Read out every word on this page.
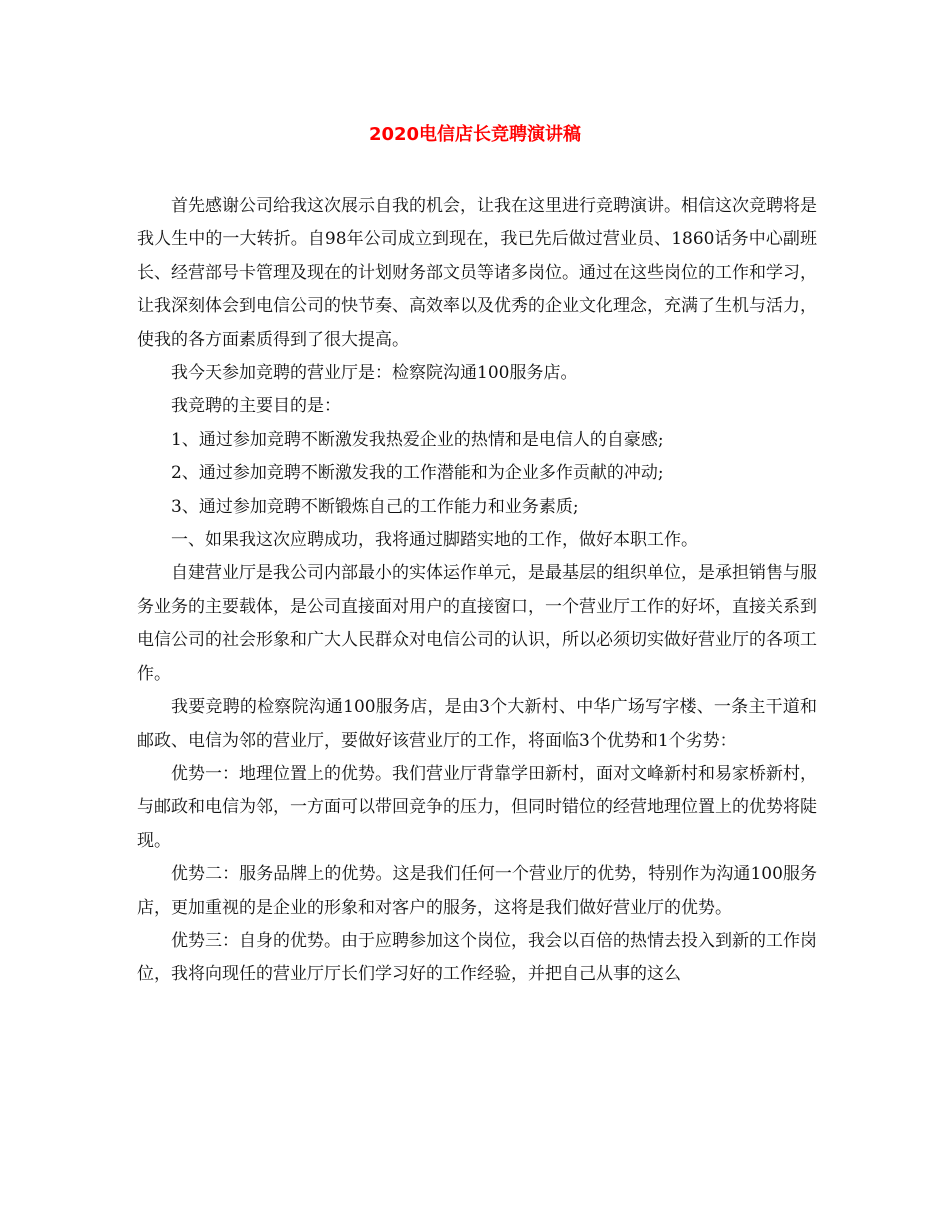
2020电信店长竞聘演讲稿

首先感谢公司给我这次展示自我的机会，让我在这里进行竞聘演讲。相信这次竞聘将是我人生中的一大转折。自98年公司成立到现在，我已先后做过营业员、1860话务中心副班长、经营部号卡管理及现在的计划财务部文员等诸多岗位。通过在这些岗位的工作和学习，让我深刻体会到电信公司的快节奏、高效率以及优秀的企业文化理念，充满了生机与活力，使我的各方面素质得到了很大提高。

我今天参加竞聘的营业厅是：检察院沟通100服务店。

我竞聘的主要目的是：

1、通过参加竞聘不断激发我热爱企业的热情和是电信人的自豪感;

2、通过参加竞聘不断激发我的工作潜能和为企业多作贡献的冲动;

3、通过参加竞聘不断锻炼自己的工作能力和业务素质;

一、如果我这次应聘成功，我将通过脚踏实地的工作，做好本职工作。

自建营业厅是我公司内部最小的实体运作单元，是最基层的组织单位，是承担销售与服务业务的主要载体，是公司直接面对用户的直接窗口，一个营业厅工作的好坏，直接关系到电信公司的社会形象和广大人民群众对电信公司的认识，所以必须切实做好营业厅的各项工作。

我要竞聘的检察院沟通100服务店，是由3个大新村、中华广场写字楼、一条主干道和邮政、电信为邻的营业厅，要做好该营业厅的工作，将面临3个优势和1个劣势：

优势一：地理位置上的优势。我们营业厅背靠学田新村，面对文峰新村和易家桥新村，与邮政和电信为邻，一方面可以带回竞争的压力，但同时错位的经营地理位置上的优势将陡现。

优势二：服务品牌上的优势。这是我们任何一个营业厅的优势，特别作为沟通100服务店，更加重视的是企业的形象和对客户的服务，这将是我们做好营业厅的优势。

优势三：自身的优势。由于应聘参加这个岗位，我会以百倍的热情去投入到新的工作岗位，我将向现任的营业厅厅长们学习好的工作经验，并把自己从事的这么
